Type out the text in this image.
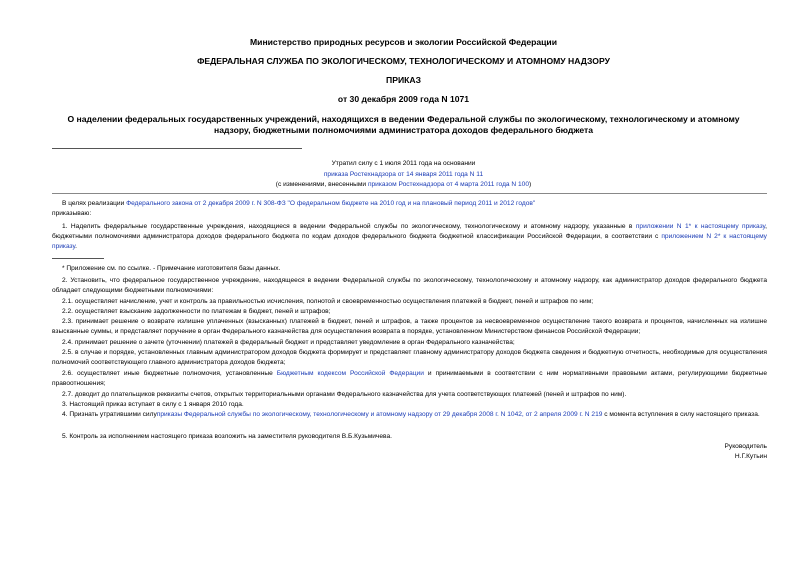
Министерство природных ресурсов и экологии Российской Федерации
ФЕДЕРАЛЬНАЯ СЛУЖБА ПО ЭКОЛОГИЧЕСКОМУ, ТЕХНОЛОГИЧЕСКОМУ И АТОМНОМУ НАДЗОРУ
ПРИКАЗ
от 30 декабря 2009 года N 1071
О наделении федеральных государственных учреждений, находящихся в ведении Федеральной службы по экологическому, технологическому и атомному
надзору, бюджетными полномочиями администратора доходов федерального бюджета
Утратил силу с 1 июля 2011 года на основании
приказа Ростехнадзора от 14 января 2011 года N 11
(с изменениями, внесенными приказом Ростехнадзора от 4 марта 2011 года N 100)
В целях реализации Федерального закона от 2 декабря 2009 г. N 308-ФЗ "О федеральном бюджете на 2010 год и на плановый период 2011 и 2012 годов"
приказываю:
1. Наделить федеральные государственные учреждения, находящиеся в ведении Федеральной службы по экологическому, технологическому и атомному надзору, указанные в приложении N 1* к настоящему приказу, бюджетными полномочиями администратора доходов федерального бюджета по кодам доходов федерального бюджета бюджетной классификации Российской Федерации, в соответствии с приложением N 2* к настоящему приказу.
* Приложение см. по ссылке. - Примечание изготовителя базы данных.
2. Установить, что федеральное государственное учреждение, находящееся в ведении Федеральной службы по экологическому, технологическому и атомному надзору, как администратор доходов федерального бюджета обладает следующими бюджетными полномочиями:
2.1. осуществляет начисление, учет и контроль за правильностью исчисления, полнотой и своевременностью осуществления платежей в бюджет, пеней и штрафов по ним;
2.2. осуществляет взыскание задолженности по платежам в бюджет, пеней и штрафов;
2.3. принимает решение о возврате излишне уплаченных (взысканных) платежей в бюджет, пеней и штрафов, а также процентов за несвоевременное осуществление такого возврата и процентов, начисленных на излишне взысканные суммы, и представляет поручение в орган Федерального казначейства для осуществления возврата в порядке, установленном Министерством финансов Российской Федерации;
2.4. принимает решение о зачете (уточнении) платежей в федеральный бюджет и представляет уведомление в орган Федерального казначейства;
2.5. в случае и порядке, установленных главным администратором доходов бюджета формирует и представляет главному администратору доходов бюджета сведения и бюджетную отчетность, необходимые для осуществления полномочий соответствующего главного администратора доходов бюджета;
2.6. осуществляет иные бюджетные полномочия, установленные Бюджетным кодексом Российской Федерации и принимаемыми в соответствии с ним нормативными правовыми актами, регулирующими бюджетные правоотношения;
2.7. доводит до плательщиков реквизиты счетов, открытых территориальными органами Федерального казначейства для учета соответствующих платежей (пеней и штрафов по ним).
3. Настоящий приказ вступает в силу с 1 января 2010 года.
4. Признать утратившими силуприказы Федеральной службы по экологическому, технологическому и атомному надзору от 29 декабря 2008 г. N 1042, от 2 апреля 2009 г. N 219 с момента вступления в силу настоящего приказа.
5. Контроль за исполнением настоящего приказа возложить на заместителя руководителя В.Б.Кузьмичева.
Руководитель
Н.Г.Кутьин
